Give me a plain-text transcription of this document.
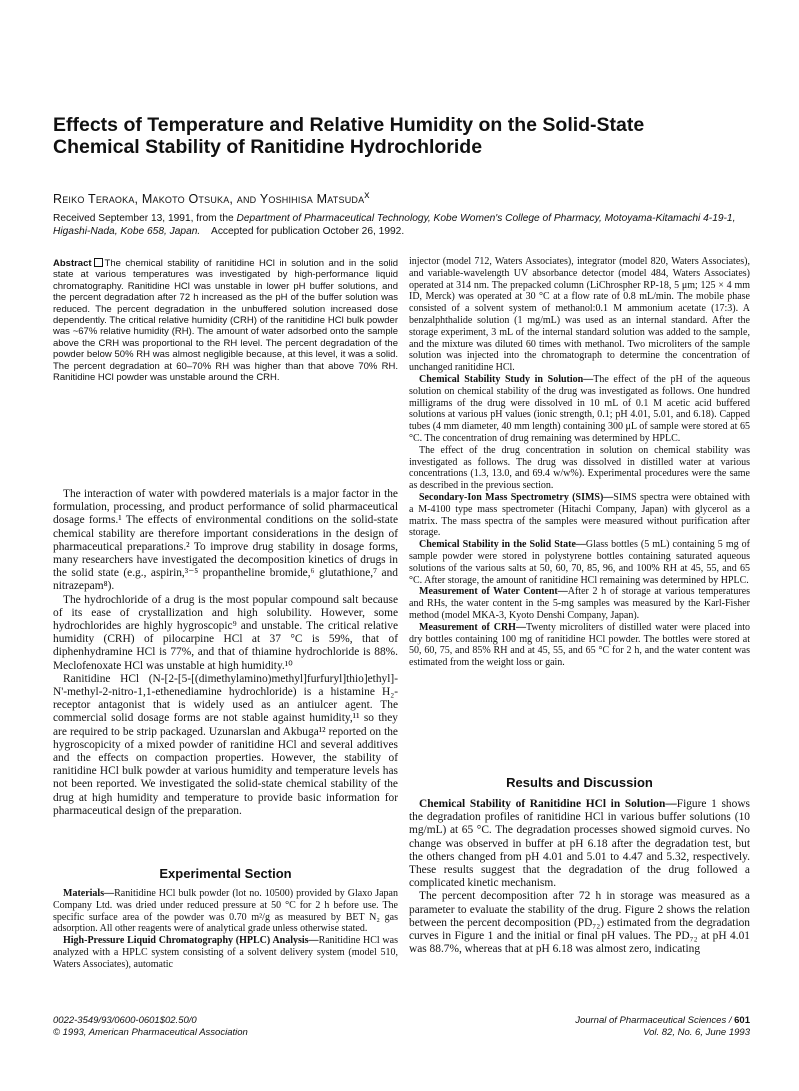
Effects of Temperature and Relative Humidity on the Solid-State
Chemical Stability of Ranitidine Hydrochloride
Reiko Teraoka, Makoto Otsuka, and Yoshihisa Matsuda$^x$
Received September 13, 1991, from the Department of Pharmaceutical Technology, Kobe Women's College of Pharmacy, Motoyama-Kitamachi 4-19-1, Higashi-Nada, Kobe 658, Japan. Accepted for publication October 26, 1992.
Abstract The chemical stability of ranitidine HCl in solution and in the solid state at various temperatures was investigated by high-performance liquid chromatography. Ranitidine HCl was unstable in lower pH buffer solutions, and the percent degradation after 72 h increased as the pH of the buffer solution was reduced. The percent degradation in the unbuffered solution increased dose dependently. The critical relative humidity (CRH) of the ranitidine HCl bulk powder was ~67% relative humidity (RH). The amount of water adsorbed onto the sample above the CRH was proportional to the RH level. The percent degradation of the powder below 50% RH was almost negligible because, at this level, it was a solid. The percent degradation at 60–70% RH was higher than that above 70% RH. Ranitidine HCl powder was unstable around the CRH.

The interaction of water with powdered materials is a major factor in the formulation, processing, and product performance of solid pharmaceutical dosage forms.¹ The effects of environmental conditions on the solid-state chemical stability are therefore important considerations in the design of pharmaceutical preparations.² To improve drug stability in dosage forms, many researchers have investigated the decomposition kinetics of drugs in the solid state (e.g., aspirin,³⁻⁵ propantheline bromide,⁶ glutathione,⁷ and nitrazepam⁸).

The hydrochloride of a drug is the most popular compound salt because of its ease of crystallization and high solubility. However, some hydrochlorides are highly hygroscopic⁹ and unstable. The critical relative humidity (CRH) of pilocarpine HCl at 37 °C is 59%, that of diphenhydramine HCl is 77%, and that of thiamine hydrochloride is 88%. Meclofenoxate HCl was unstable at high humidity.¹⁰

Ranitidine HCl (N-[2-[5-[(dimethylamino)methyl]furfuryl]thio]ethyl]-N'-methyl-2-nitro-1,1-ethenediamine hydrochloride) is a histamine H₂-receptor antagonist that is widely used as an antiulcer agent. The commercial solid dosage forms are not stable against humidity,¹¹ so they are required to be strip packaged. Uzunarslan and Akbuga¹² reported on the hygroscopicity of a mixed powder of ranitidine HCl and several additives and the effects on compaction properties. However, the stability of ranitidine HCl bulk powder at various humidity and temperature levels has not been reported. We investigated the solid-state chemical stability of the drug at high humidity and temperature to provide basic information for pharmaceutical design of the preparation.

Experimental Section

Materials—Ranitidine HCl bulk powder (lot no. 10500) provided by Glaxo Japan Company Ltd. was dried under reduced pressure at 50 °C for 2 h before use. The specific surface area of the powder was 0.70 m²/g as measured by BET N₂ gas adsorption. All other reagents were of analytical grade unless otherwise stated.

High-Pressure Liquid Chromatography (HPLC) Analysis—Ranitidine HCl was analyzed with a HPLC system consisting of a solvent delivery system (model 510, Waters Associates), automatic

injector (model 712, Waters Associates), integrator (model 820, Waters Associates), and variable-wavelength UV absorbance detector (model 484, Waters Associates) operated at 314 nm. The prepacked column (LiChrospher RP-18, 5 μm; 125 × 4 mm ID, Merck) was operated at 30 °C at a flow rate of 0.8 mL/min. The mobile phase consisted of a solvent system of methanol:0.1 M ammonium acetate (17:3). A benzalphthalide solution (1 mg/mL) was used as an internal standard. After the storage experiment, 3 mL of the internal standard solution was added to the sample, and the mixture was diluted 60 times with methanol. Two microliters of the sample solution was injected into the chromatograph to determine the concentration of unchanged ranitidine HCl.

Chemical Stability Study in Solution—The effect of the pH of the aqueous solution on chemical stability of the drug was investigated as follows. One hundred milligrams of the drug were dissolved in 10 mL of 0.1 M acetic acid buffered solutions at various pH values (ionic strength, 0.1; pH 4.01, 5.01, and 6.18). Capped tubes (4 mm diameter, 40 mm length) containing 300 μL of sample were stored at 65 °C. The concentration of drug remaining was determined by HPLC.

The effect of the drug concentration in solution on chemical stability was investigated as follows. The drug was dissolved in distilled water at various concentrations (1.3, 13.0, and 69.4 w/w%). Experimental procedures were the same as described in the previous section.

Secondary-Ion Mass Spectrometry (SIMS)—SIMS spectra were obtained with a M-4100 type mass spectrometer (Hitachi Company, Japan) with glycerol as a matrix. The mass spectra of the samples were measured without purification after storage.

Chemical Stability in the Solid State—Glass bottles (5 mL) containing 5 mg of sample powder were stored in polystyrene bottles containing saturated aqueous solutions of the various salts at 50, 60, 70, 85, 96, and 100% RH at 45, 55, and 65 °C. After storage, the amount of ranitidine HCl remaining was determined by HPLC.

Measurement of Water Content—After 2 h of storage at various temperatures and RHs, the water content in the 5-mg samples was measured by the Karl-Fisher method (model MKA-3, Kyoto Denshi Company, Japan).

Measurement of CRH—Twenty microliters of distilled water were placed into dry bottles containing 100 mg of ranitidine HCl powder. The bottles were stored at 50, 60, 75, and 85% RH and at 45, 55, and 65 °C for 2 h, and the water content was estimated from the weight loss or gain.

Results and Discussion

Chemical Stability of Ranitidine HCl in Solution—Figure 1 shows the degradation profiles of ranitidine HCl in various buffer solutions (10 mg/mL) at 65 °C. The degradation processes showed sigmoid curves. No change was observed in buffer at pH 6.18 after the degradation test, but the others changed from pH 4.01 and 5.01 to 4.47 and 5.32, respectively. These results suggest that the degradation of the drug followed a complicated kinetic mechanism.

The percent decomposition after 72 h in storage was measured as a parameter to evaluate the stability of the drug. Figure 2 shows the relation between the percent decomposition (PD₇₂) estimated from the degradation curves in Figure 1 and the initial or final pH values. The PD₇₂ at pH 4.01 was 88.7%, whereas that at pH 6.18 was almost zero, indicating

0022-3549/93/0600-0601$02.50/0
© 1993, American Pharmaceutical Association
Journal of Pharmaceutical Sciences / 601
Vol. 82, No. 6, June 1993
